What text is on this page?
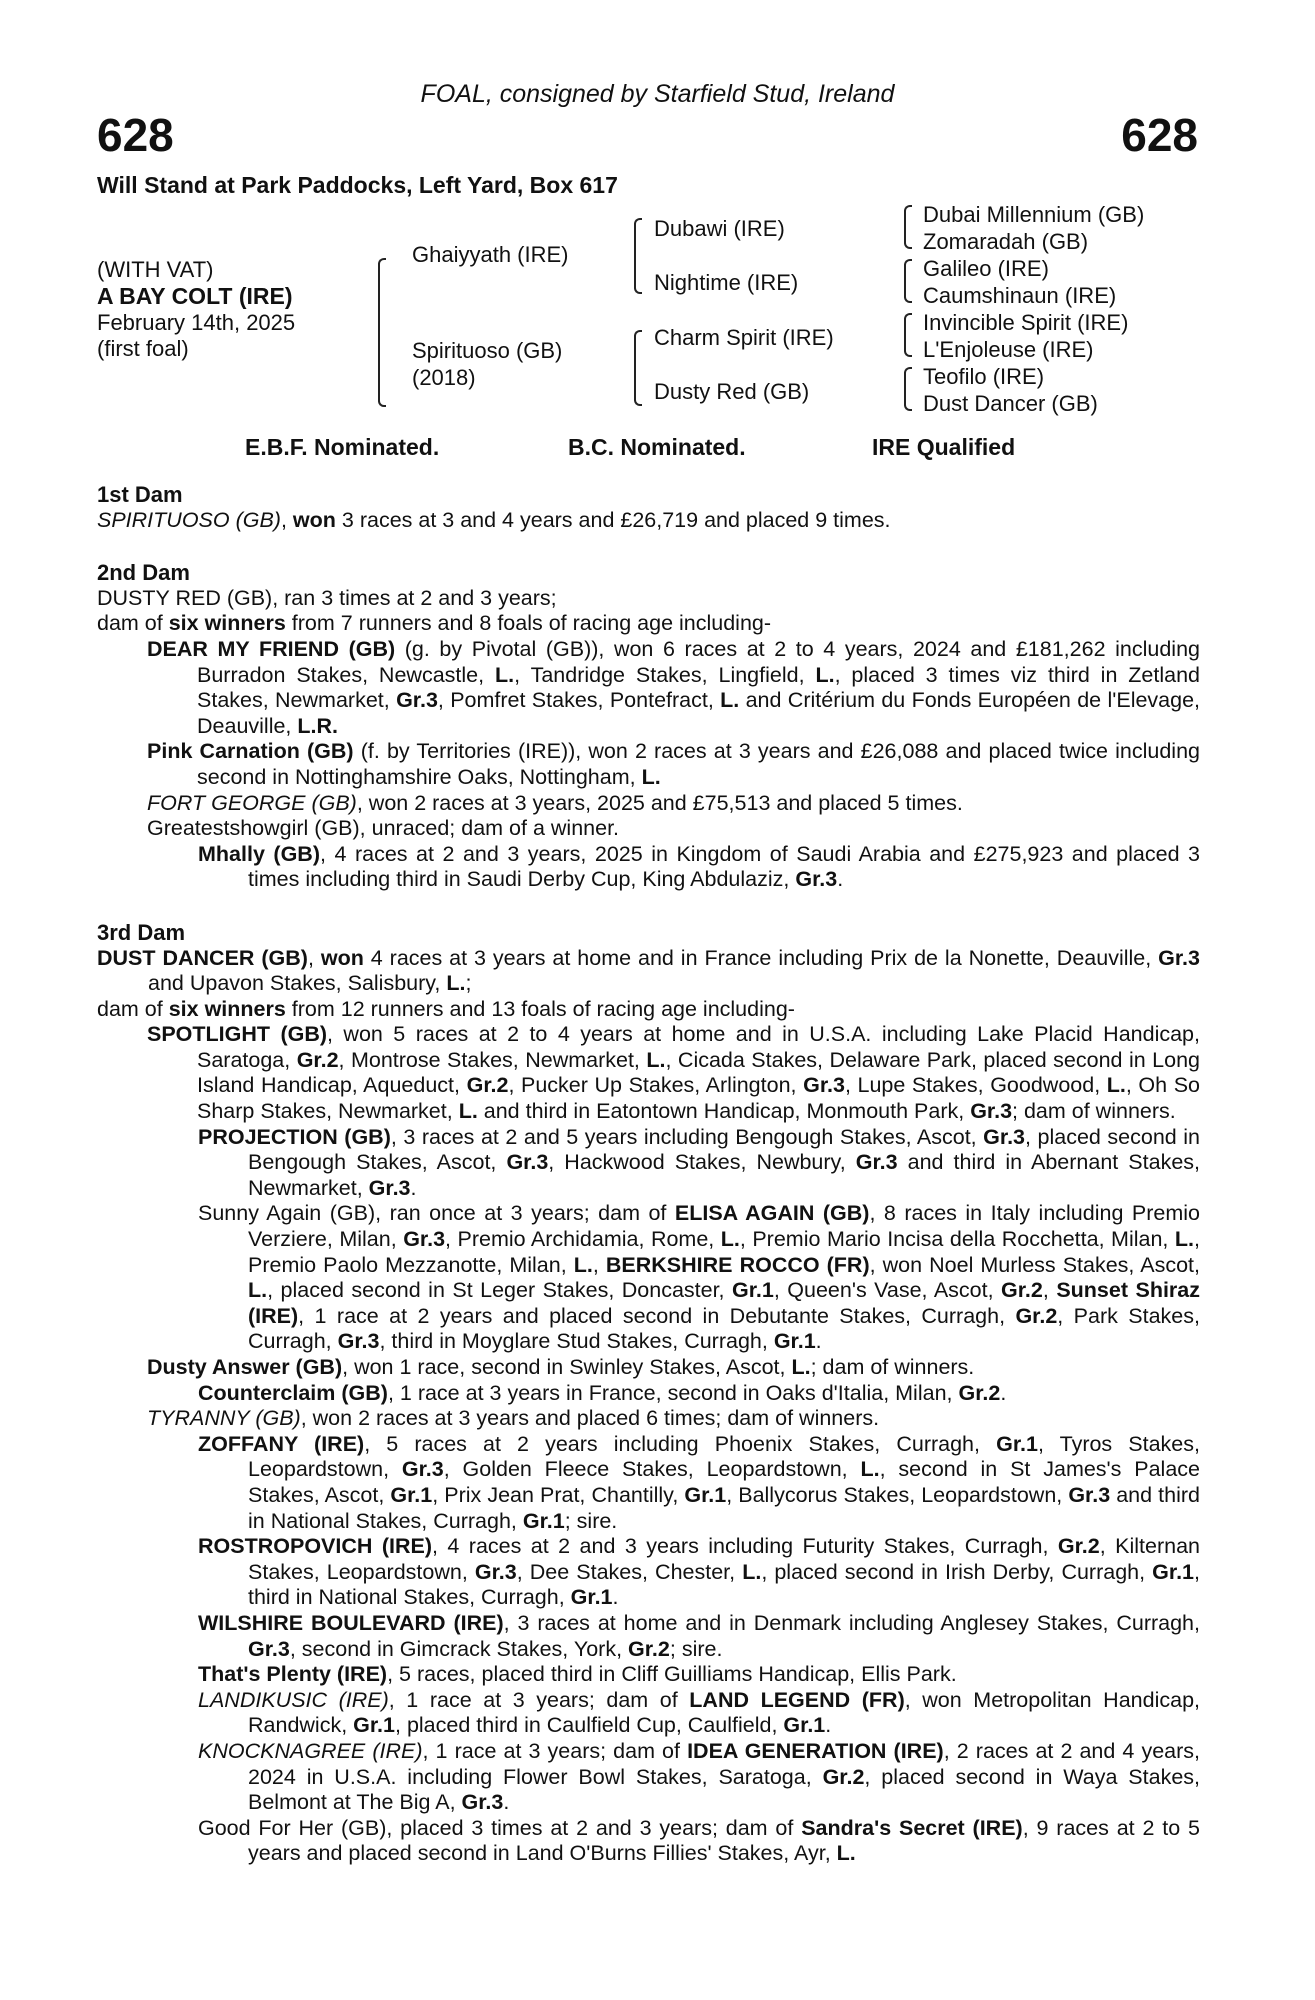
FOAL, consigned by Starfield Stud, Ireland
628	628
Will Stand at Park Paddocks, Left Yard, Box 617
(WITH VAT)
A BAY COLT (IRE)
February 14th, 2025
(first foal)
Ghaiyyath (IRE)
Spirituoso (GB)
(2018)
Dubawi (IRE)
Nightime (IRE)
Charm Spirit (IRE)
Dusty Red (GB)
Dubai Millennium (GB)
Zomaradah (GB)
Galileo (IRE)
Caumshinaun (IRE)
Invincible Spirit (IRE)
L'Enjoleuse (IRE)
Teofilo (IRE)
Dust Dancer (GB)
E.B.F. Nominated.	B.C. Nominated.	IRE Qualified
1st Dam
SPIRITUOSO (GB), won 3 races at 3 and 4 years and £26,719 and placed 9 times.
2nd Dam
DUSTY RED (GB), ran 3 times at 2 and 3 years;
dam of six winners from 7 runners and 8 foals of racing age including-
DEAR MY FRIEND (GB) (g. by Pivotal (GB)), won 6 races at 2 to 4 years, 2024 and £181,262 including Burradon Stakes, Newcastle, L., Tandridge Stakes, Lingfield, L., placed 3 times viz third in Zetland Stakes, Newmarket, Gr.3, Pomfret Stakes, Pontefract, L. and Critérium du Fonds Européen de l'Elevage, Deauville, L.R.
Pink Carnation (GB) (f. by Territories (IRE)), won 2 races at 3 years and £26,088 and placed twice including second in Nottinghamshire Oaks, Nottingham, L.
FORT GEORGE (GB), won 2 races at 3 years, 2025 and £75,513 and placed 5 times.
Greatestshowgirl (GB), unraced; dam of a winner.
Mhally (GB), 4 races at 2 and 3 years, 2025 in Kingdom of Saudi Arabia and £275,923 and placed 3 times including third in Saudi Derby Cup, King Abdulaziz, Gr.3.
3rd Dam
DUST DANCER (GB), won 4 races at 3 years at home and in France including Prix de la Nonette, Deauville, Gr.3 and Upavon Stakes, Salisbury, L.;
dam of six winners from 12 runners and 13 foals of racing age including-
SPOTLIGHT (GB), won 5 races at 2 to 4 years at home and in U.S.A. including Lake Placid Handicap, Saratoga, Gr.2, Montrose Stakes, Newmarket, L., Cicada Stakes, Delaware Park, placed second in Long Island Handicap, Aqueduct, Gr.2, Pucker Up Stakes, Arlington, Gr.3, Lupe Stakes, Goodwood, L., Oh So Sharp Stakes, Newmarket, L. and third in Eatontown Handicap, Monmouth Park, Gr.3; dam of winners.
PROJECTION (GB), 3 races at 2 and 5 years including Bengough Stakes, Ascot, Gr.3, placed second in Bengough Stakes, Ascot, Gr.3, Hackwood Stakes, Newbury, Gr.3 and third in Abernant Stakes, Newmarket, Gr.3.
Sunny Again (GB), ran once at 3 years; dam of ELISA AGAIN (GB), 8 races in Italy including Premio Verziere, Milan, Gr.3, Premio Archidamia, Rome, L., Premio Mario Incisa della Rocchetta, Milan, L., Premio Paolo Mezzanotte, Milan, L., BERKSHIRE ROCCO (FR), won Noel Murless Stakes, Ascot, L., placed second in St Leger Stakes, Doncaster, Gr.1, Queen's Vase, Ascot, Gr.2, Sunset Shiraz (IRE), 1 race at 2 years and placed second in Debutante Stakes, Curragh, Gr.2, Park Stakes, Curragh, Gr.3, third in Moyglare Stud Stakes, Curragh, Gr.1.
Dusty Answer (GB), won 1 race, second in Swinley Stakes, Ascot, L.; dam of winners.
Counterclaim (GB), 1 race at 3 years in France, second in Oaks d'Italia, Milan, Gr.2.
TYRANNY (GB), won 2 races at 3 years and placed 6 times; dam of winners.
ZOFFANY (IRE), 5 races at 2 years including Phoenix Stakes, Curragh, Gr.1, Tyros Stakes, Leopardstown, Gr.3, Golden Fleece Stakes, Leopardstown, L., second in St James's Palace Stakes, Ascot, Gr.1, Prix Jean Prat, Chantilly, Gr.1, Ballycorus Stakes, Leopardstown, Gr.3 and third in National Stakes, Curragh, Gr.1; sire.
ROSTROPOVICH (IRE), 4 races at 2 and 3 years including Futurity Stakes, Curragh, Gr.2, Kilternan Stakes, Leopardstown, Gr.3, Dee Stakes, Chester, L., placed second in Irish Derby, Curragh, Gr.1, third in National Stakes, Curragh, Gr.1.
WILSHIRE BOULEVARD (IRE), 3 races at home and in Denmark including Anglesey Stakes, Curragh, Gr.3, second in Gimcrack Stakes, York, Gr.2; sire.
That's Plenty (IRE), 5 races, placed third in Cliff Guilliams Handicap, Ellis Park.
LANDIKUSIC (IRE), 1 race at 3 years; dam of LAND LEGEND (FR), won Metropolitan Handicap, Randwick, Gr.1, placed third in Caulfield Cup, Caulfield, Gr.1.
KNOCKNAGREE (IRE), 1 race at 3 years; dam of IDEA GENERATION (IRE), 2 races at 2 and 4 years, 2024 in U.S.A. including Flower Bowl Stakes, Saratoga, Gr.2, placed second in Waya Stakes, Belmont at The Big A, Gr.3.
Good For Her (GB), placed 3 times at 2 and 3 years; dam of Sandra's Secret (IRE), 9 races at 2 to 5 years and placed second in Land O'Burns Fillies' Stakes, Ayr, L.
